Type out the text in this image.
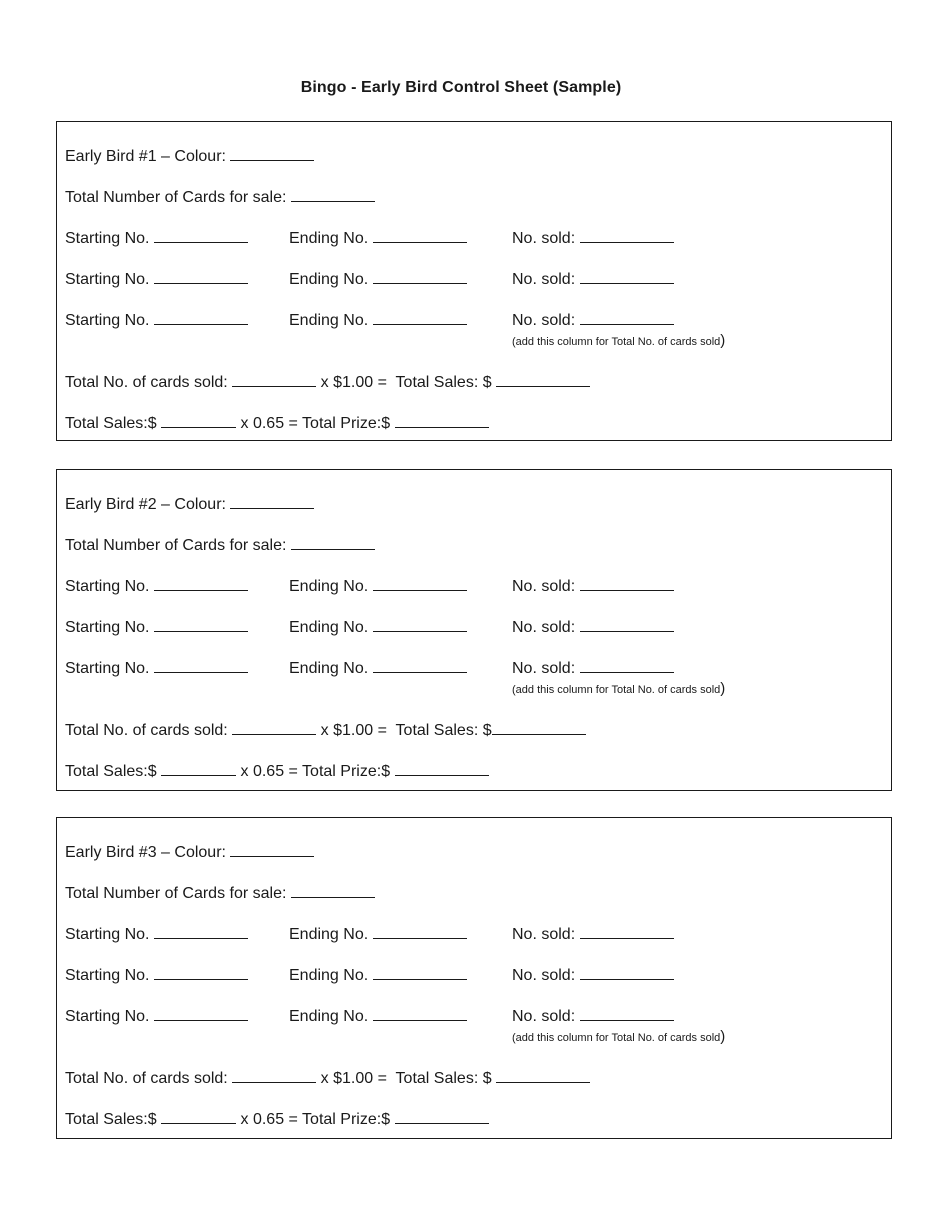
Bingo - Early Bird Control Sheet (Sample)
Early Bird #1 – Colour:
Total Number of Cards for sale:
Starting No.	Ending No.	No. sold:
Starting No.	Ending No.	No. sold:
Starting No.	Ending No.	No. sold:
(add this column for Total No. of cards sold)
Total No. of cards sold:	x $1.00 = Total Sales: $
Total Sales:$	x 0.65 = Total Prize:$
Early Bird #2 – Colour:
Total Number of Cards for sale:
Starting No.	Ending No.	No. sold:
Starting No.	Ending No.	No. sold:
Starting No.	Ending No.	No. sold:
(add this column for Total No. of cards sold)
Total No. of cards sold:	x $1.00 = Total Sales: $
Total Sales:$	x 0.65 = Total Prize:$
Early Bird #3 – Colour:
Total Number of Cards for sale:
Starting No.	Ending No.	No. sold:
Starting No.	Ending No.	No. sold:
Starting No.	Ending No.	No. sold:
(add this column for Total No. of cards sold)
Total No. of cards sold:	x $1.00 = Total Sales: $
Total Sales:$	x 0.65 = Total Prize:$
